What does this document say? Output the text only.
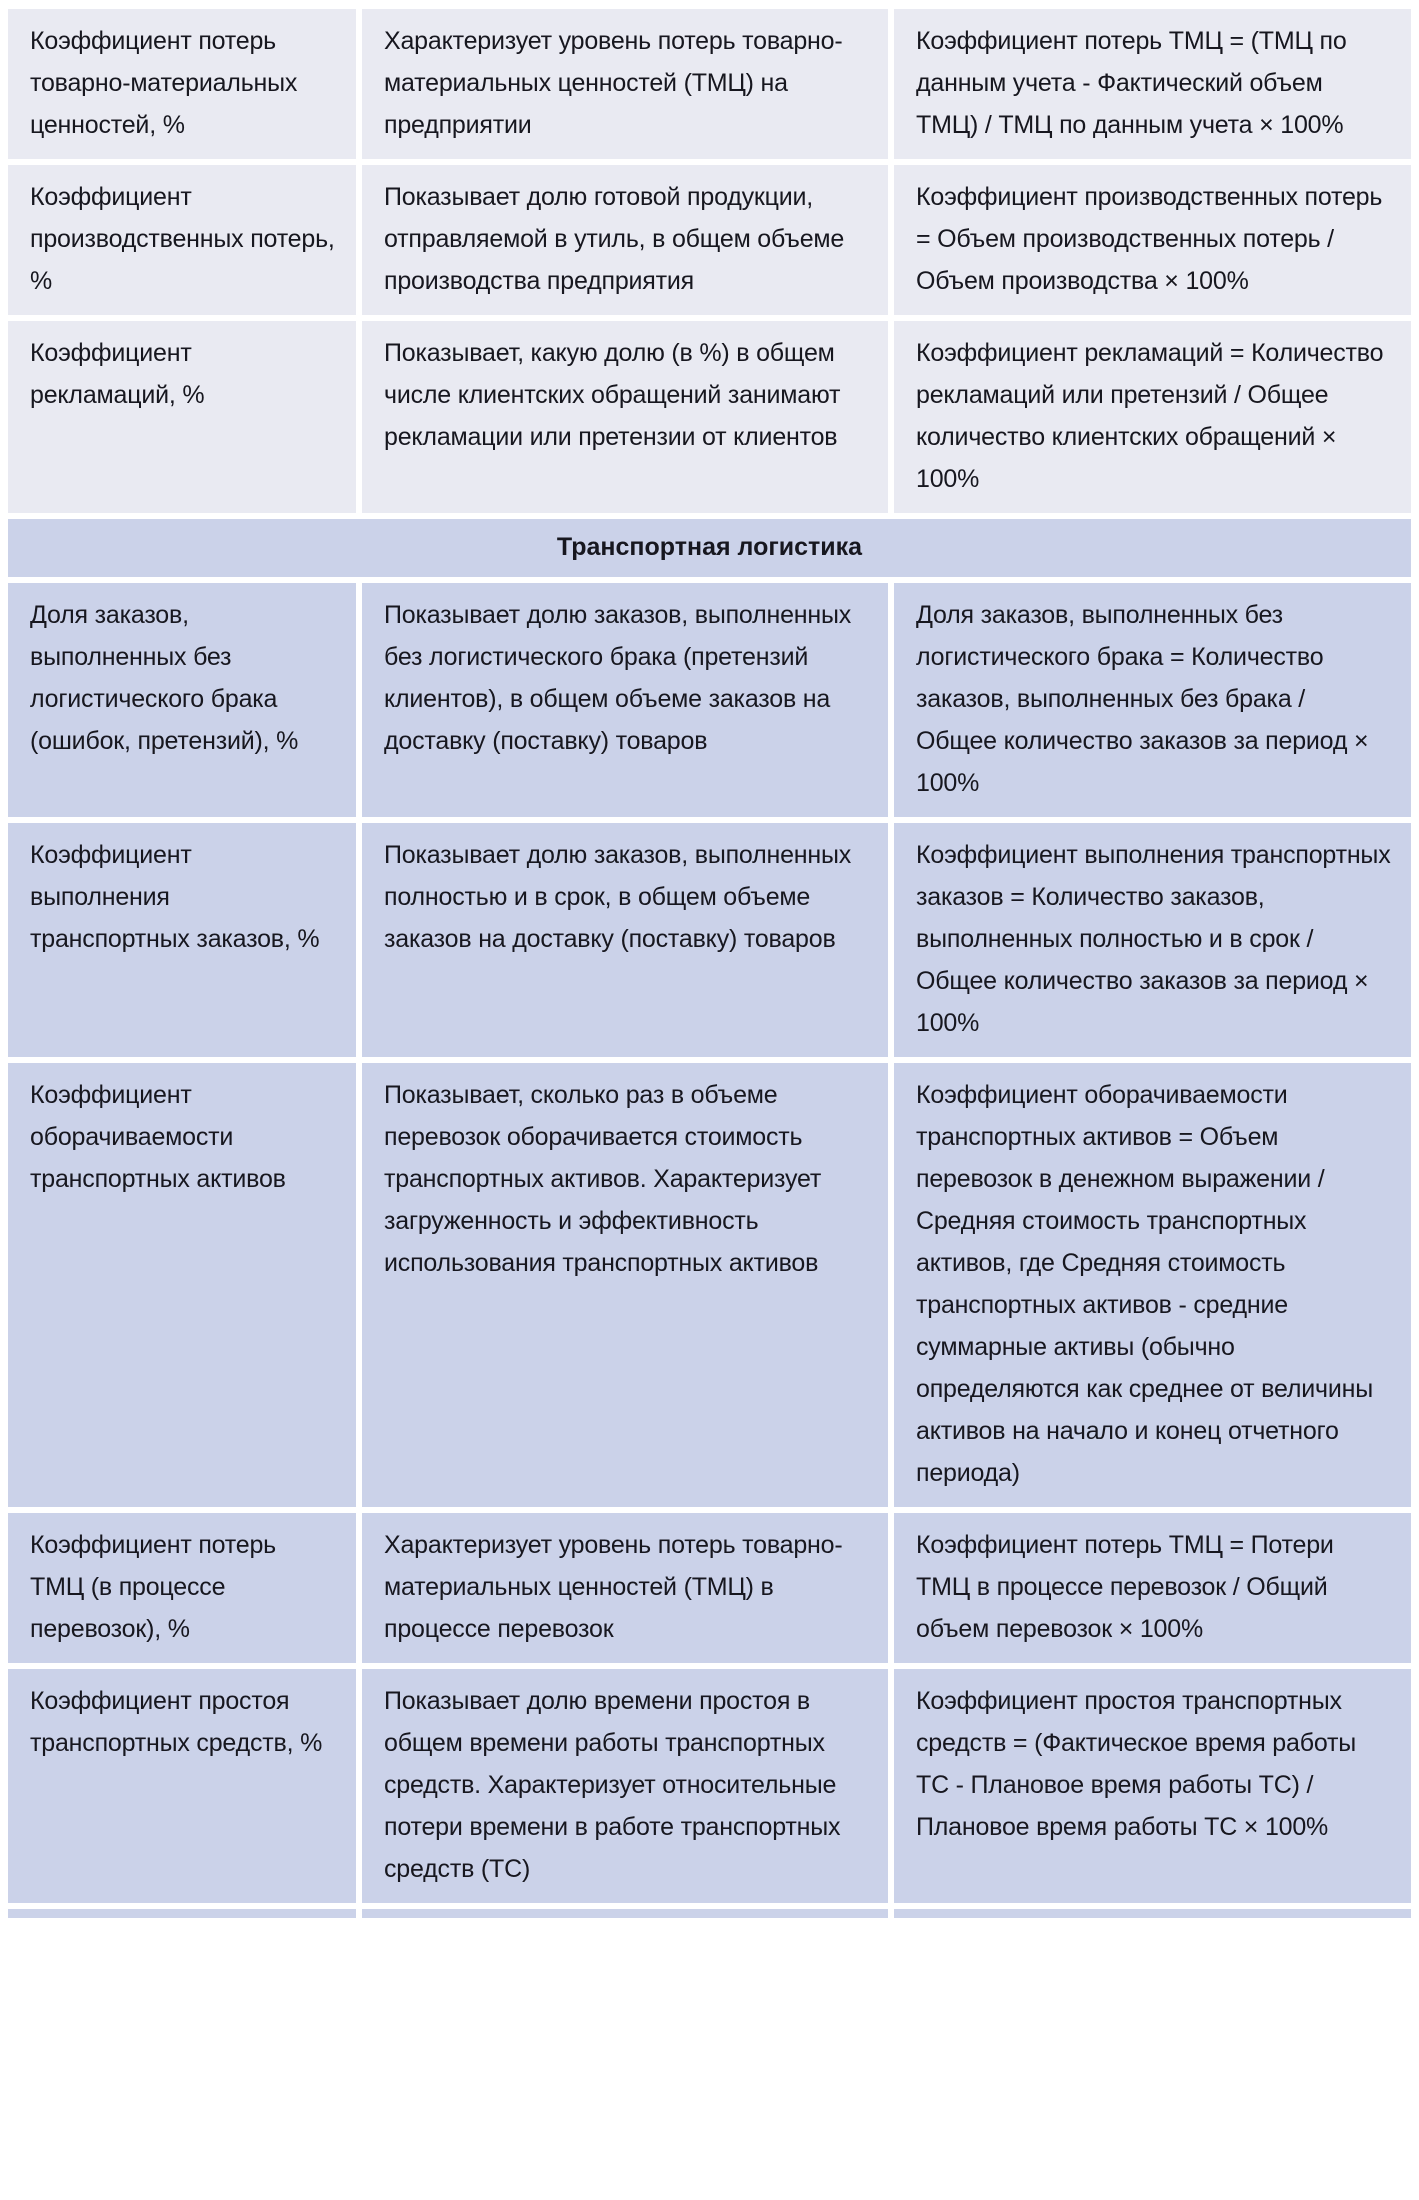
Коэффициент потерь товарно-материальных ценностей, %
Характеризует уровень потерь товарно-материальных ценностей (ТМЦ) на предприятии
Коэффициент потерь ТМЦ = (ТМЦ по данным учета - Фактический объем ТМЦ) / ТМЦ по данным учета × 100%
Коэффициент производственных потерь, %
Показывает долю готовой продукции, отправляемой в утиль, в общем объеме производства предприятия
Коэффициент производственных потерь = Объем производственных потерь / Объем производства × 100%
Коэффициент рекламаций, %
Показывает, какую долю (в %) в общем числе клиентских обращений занимают рекламации или претензии от клиентов
Коэффициент рекламаций = Количество рекламаций или претензий / Общее количество клиентских обращений × 100%
Транспортная логистика
Доля заказов, выполненных без логистического брака (ошибок, претензий), %
Показывает долю заказов, выполненных без логистического брака (претензий клиентов), в общем объеме заказов на доставку (поставку) товаров
Доля заказов, выполненных без логистического брака = Количество заказов, выполненных без брака / Общее количество заказов за период × 100%
Коэффициент выполнения транспортных заказов, %
Показывает долю заказов, выполненных полностью и в срок, в общем объеме заказов на доставку (поставку) товаров
Коэффициент выполнения транспортных заказов = Количество заказов, выполненных полностью и в срок / Общее количество заказов за период × 100%
Коэффициент оборачиваемости транспортных активов
Показывает, сколько раз в объеме перевозок оборачивается стоимость транспортных активов. Характеризует загруженность и эффективность использования транспортных активов
Коэффициент оборачиваемости транспортных активов = Объем перевозок в денежном выражении / Средняя стоимость транспортных активов, где Средняя стоимость транспортных активов - средние суммарные активы (обычно определяются как среднее от величины активов на начало и конец отчетного периода)
Коэффициент потерь ТМЦ (в процессе перевозок), %
Характеризует уровень потерь товарно-материальных ценностей (ТМЦ) в процессе перевозок
Коэффициент потерь ТМЦ = Потери ТМЦ в процессе перевозок / Общий объем перевозок × 100%
Коэффициент простоя транспортных средств, %
Показывает долю времени простоя в общем времени работы транспортных средств. Характеризует относительные потери времени в работе транспортных средств (ТС)
Коэффициент простоя транспортных средств = (Фактическое время работы ТС - Плановое время работы ТС) / Плановое время работы ТС × 100%
